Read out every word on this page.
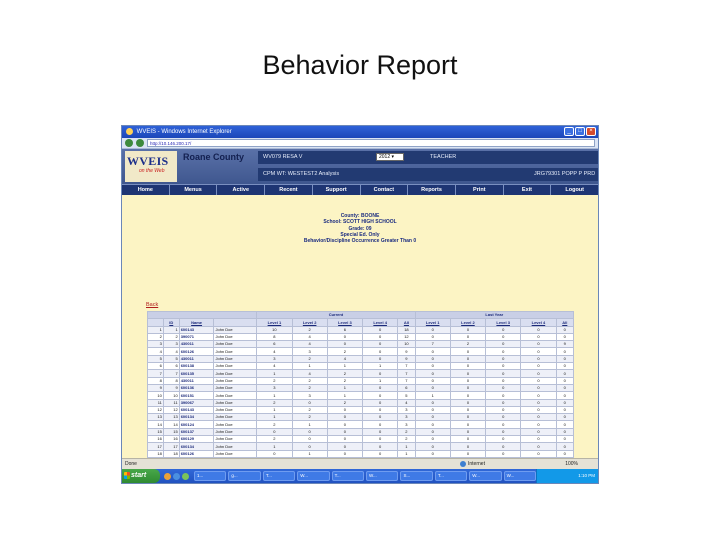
Behavior Report
WVEIS - Windows Internet Explorer	_	□	×
http://10.146.200.17/
WVEIS
on the Web
Roane County	WV079 RESA V	TEACHER
2012 ▾
CPM WT: WESTEST2 Analysis	JRG79301 POPP P PRD
Home	Menus	Active	Recent	Support	Contact	Reports	Print	Exit	Logout
County: BOONE
School: SCOTT HIGH SCHOOL
Grade: 09
Special Ed. Only
Behavior/Discipline Occurrence Greater Than 0
Back
				Current					Last Year				
	ID	Name		Level 1	Level 2	Level 3	Level 4	All	Level 1	Level 2	Level 3	Level 4	All
1	1	600143	John Doe	10	2	6	0	18	0	0	0	0	0
2	2	390071	John Doe	8	4	0	0	12	0	0	0	0	0
3	3	430011	John Doe	6	4	0	0	10	7	2	0	0	9
4	4	600126	John Doe	4	3	2	0	9	0	0	0	0	0
5	5	430011	John Doe	3	2	4	0	9	0	0	0	0	0
6	6	600138	John Doe	4	1	1	1	7	0	0	0	0	0
7	7	600135	John Doe	1	4	2	0	7	0	0	0	0	0
8	8	430011	John Doe	2	2	2	1	7	0	0	0	0	0
9	9	600136	John Doe	3	2	1	0	6	0	0	0	0	0
10	10	600151	John Doe	1	3	1	0	5	1	0	0	0	0
11	11	390067	John Doe	2	0	2	0	4	0	0	0	0	0
12	12	600143	John Doe	1	2	0	0	3	0	0	0	0	0
13	13	600134	John Doe	1	2	0	0	3	0	0	0	0	0
14	14	600124	John Doe	2	1	0	0	3	0	0	0	0	0
15	15	600137	John Doe	0	0	0	0	2	0	0	0	0	0
16	16	600129	John Doe	2	0	0	0	2	0	0	0	0	0
17	17	600134	John Doe	1	0	0	0	1	0	0	0	0	0
18	18	600126	John Doe	0	1	0	0	1	0	0	0	0	0

Done	Internet	100%
start	1...	g...	T...	W...	T...	W...	S...	T...	W...	W...	1:10 PM
